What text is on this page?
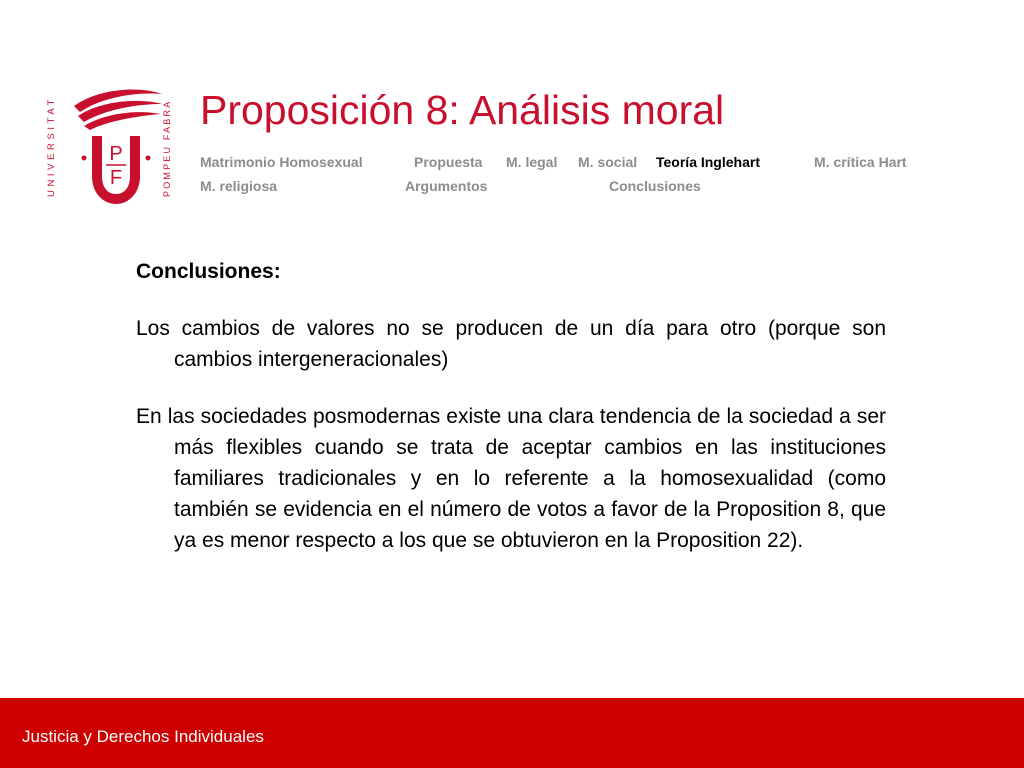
P
F
UNIVERSITAT	POMPEU FABRA Proposición 8: Análisis moral
Matrimonio Homosexual	Propuesta M. legal M. social Teoría Inglehart	M. crítica Hart
M. religiosa	Argumentos	Conclusiones

Conclusiones:

Los cambios de valores no se producen de un día para otro (porque son cambios intergeneracionales)

En las sociedades posmodernas existe una clara tendencia de la sociedad a ser más flexibles cuando se trata de aceptar cambios en las instituciones familiares tradicionales y en lo referente a la homosexualidad (como también se evidencia en el número de votos a favor de la Proposition 8, que ya es menor respecto a los que se obtuvieron en la Proposition 22).

Justicia y Derechos Individuales
